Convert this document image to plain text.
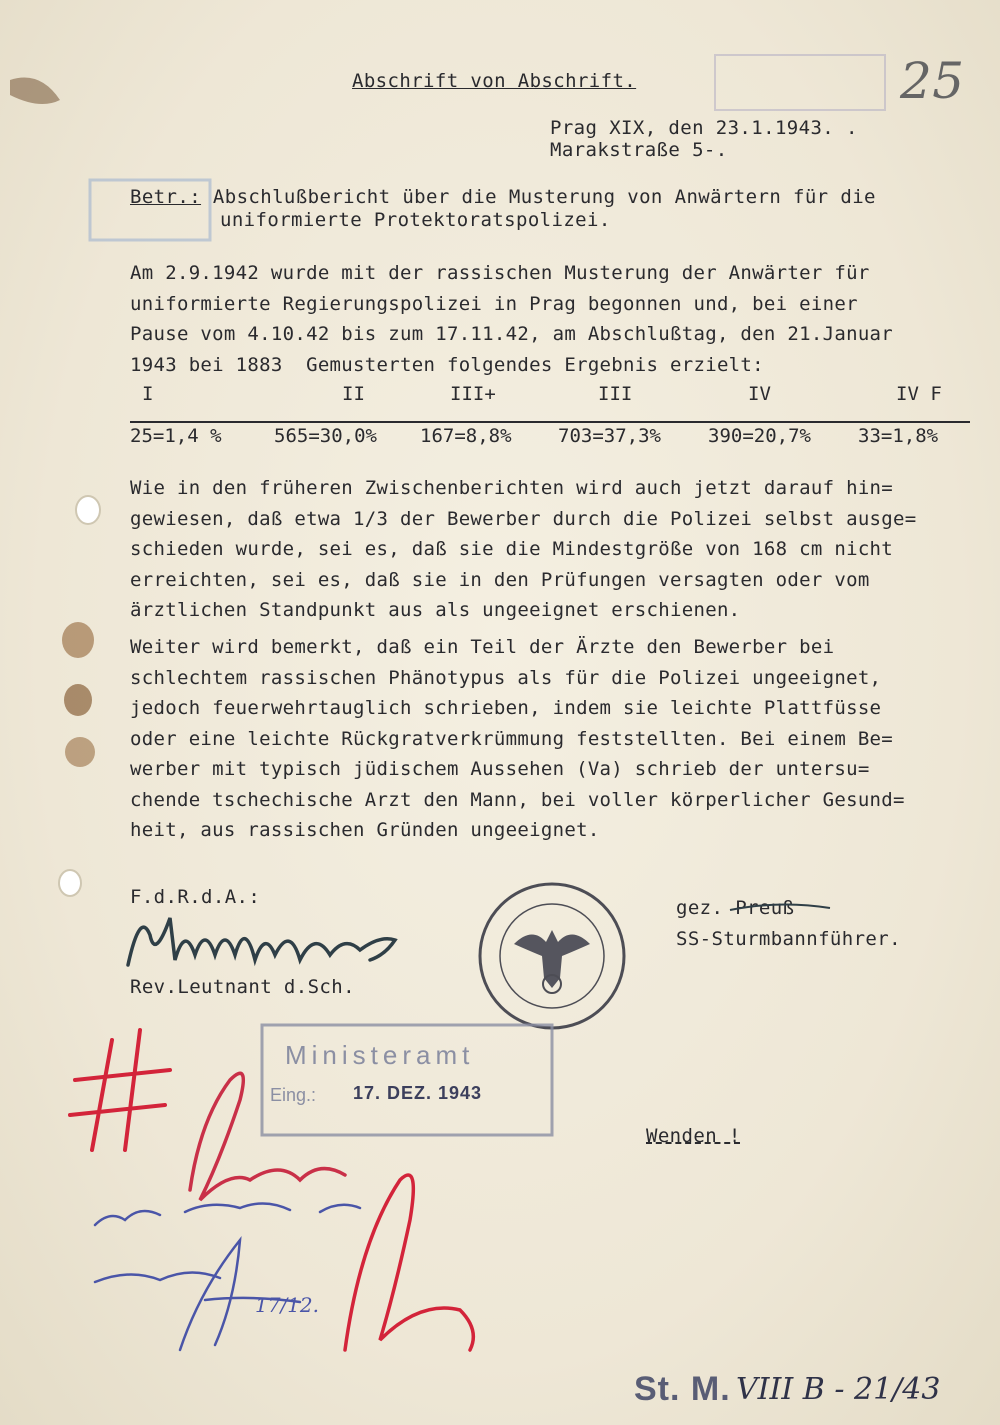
25
Abschrift von Abschrift.
Prag XIX, den 23.1.1943. .
Marakstraße 5-.
Betr.: Abschlußbericht über die Musterung von Anwärtern für die
uniformierte Protektoratspolizei.
Am 2.9.1942 wurde mit der rassischen Musterung der Anwärter für
uniformierte Regierungspolizei in Prag begonnen und, bei einer
Pause vom 4.10.42 bis zum 17.11.42, am Abschlußtag, den 21.Januar
1943 bei 1883  Gemusterten folgendes Ergebnis erzielt:
I	II	III+	III	IV	IV F
25=1,4 %	565=30,0% 167=8,8% 703=37,3% 390=20,7% 33=1,8%
Wie in den früheren Zwischenberichten wird auch jetzt darauf hin=
gewiesen, daß etwa 1/3 der Bewerber durch die Polizei selbst ausge=
schieden wurde, sei es, daß sie die Mindestgröße von 168 cm nicht
erreichten, sei es, daß sie in den Prüfungen versagten oder vom
ärztlichen Standpunkt aus als ungeeignet erschienen.
Weiter wird bemerkt, daß ein Teil der Ärzte den Bewerber bei
schlechtem rassischen Phänotypus als für die Polizei ungeeignet,
jedoch feuerwehrtauglich schrieben, indem sie leichte Plattfüsse
oder eine leichte Rückgratverkrümmung feststellten. Bei einem Be=
werber mit typisch jüdischem Aussehen (Va) schrieb der untersu=
chende tschechische Arzt den Mann, bei voller körperlicher Gesund=
heit, aus rassischen Gründen ungeeignet.
F.d.R.d.A.:
Rev.Leutnant d.Sch.
gez. Preuß
SS-Sturmbannführer.
17/12.
Ministeramt
Eing.: 17. DEZ. 1943
Wenden !
St. M. VIII B - 21/43
